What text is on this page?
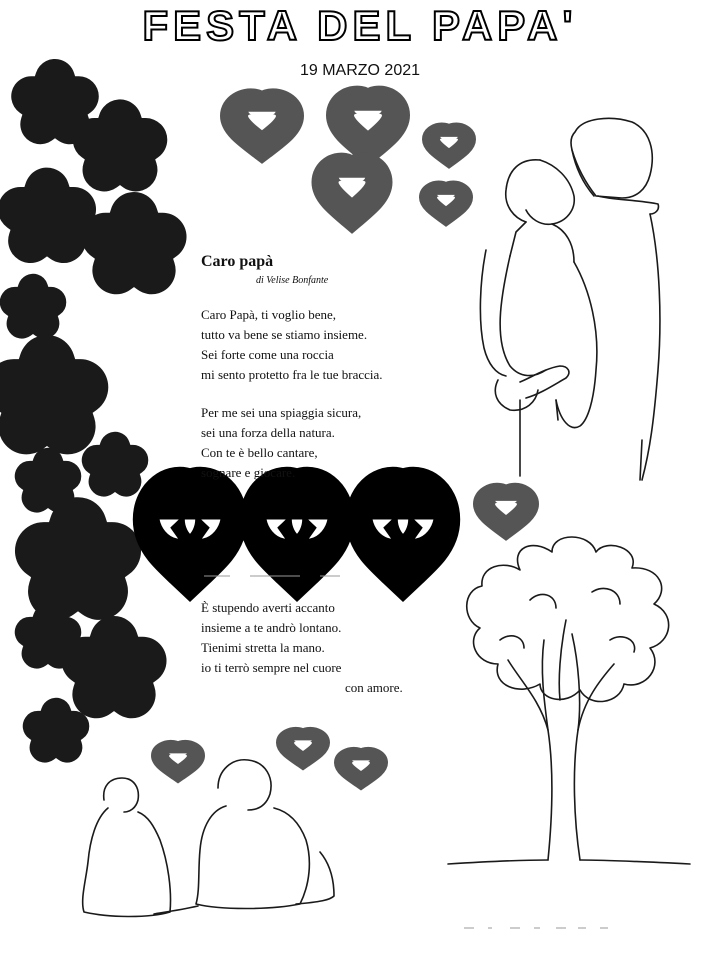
FESTA DEL PAPA'
19 MARZO 2021
Caro papà
di Velise Bonfante
Caro Papà, ti voglio bene,
tutto va bene se stiamo insieme.
Sei forte come una roccia
mi sento protetto fra le tue braccia.
Per me sei una spiaggia sicura,
sei una forza della natura.
Con te è bello cantare,
sognare e giocare.
È stupendo averti accanto
insieme a te andrò lontano.
Tienimi stretta la mano.
io ti terrò sempre nel cuore
con amore.
